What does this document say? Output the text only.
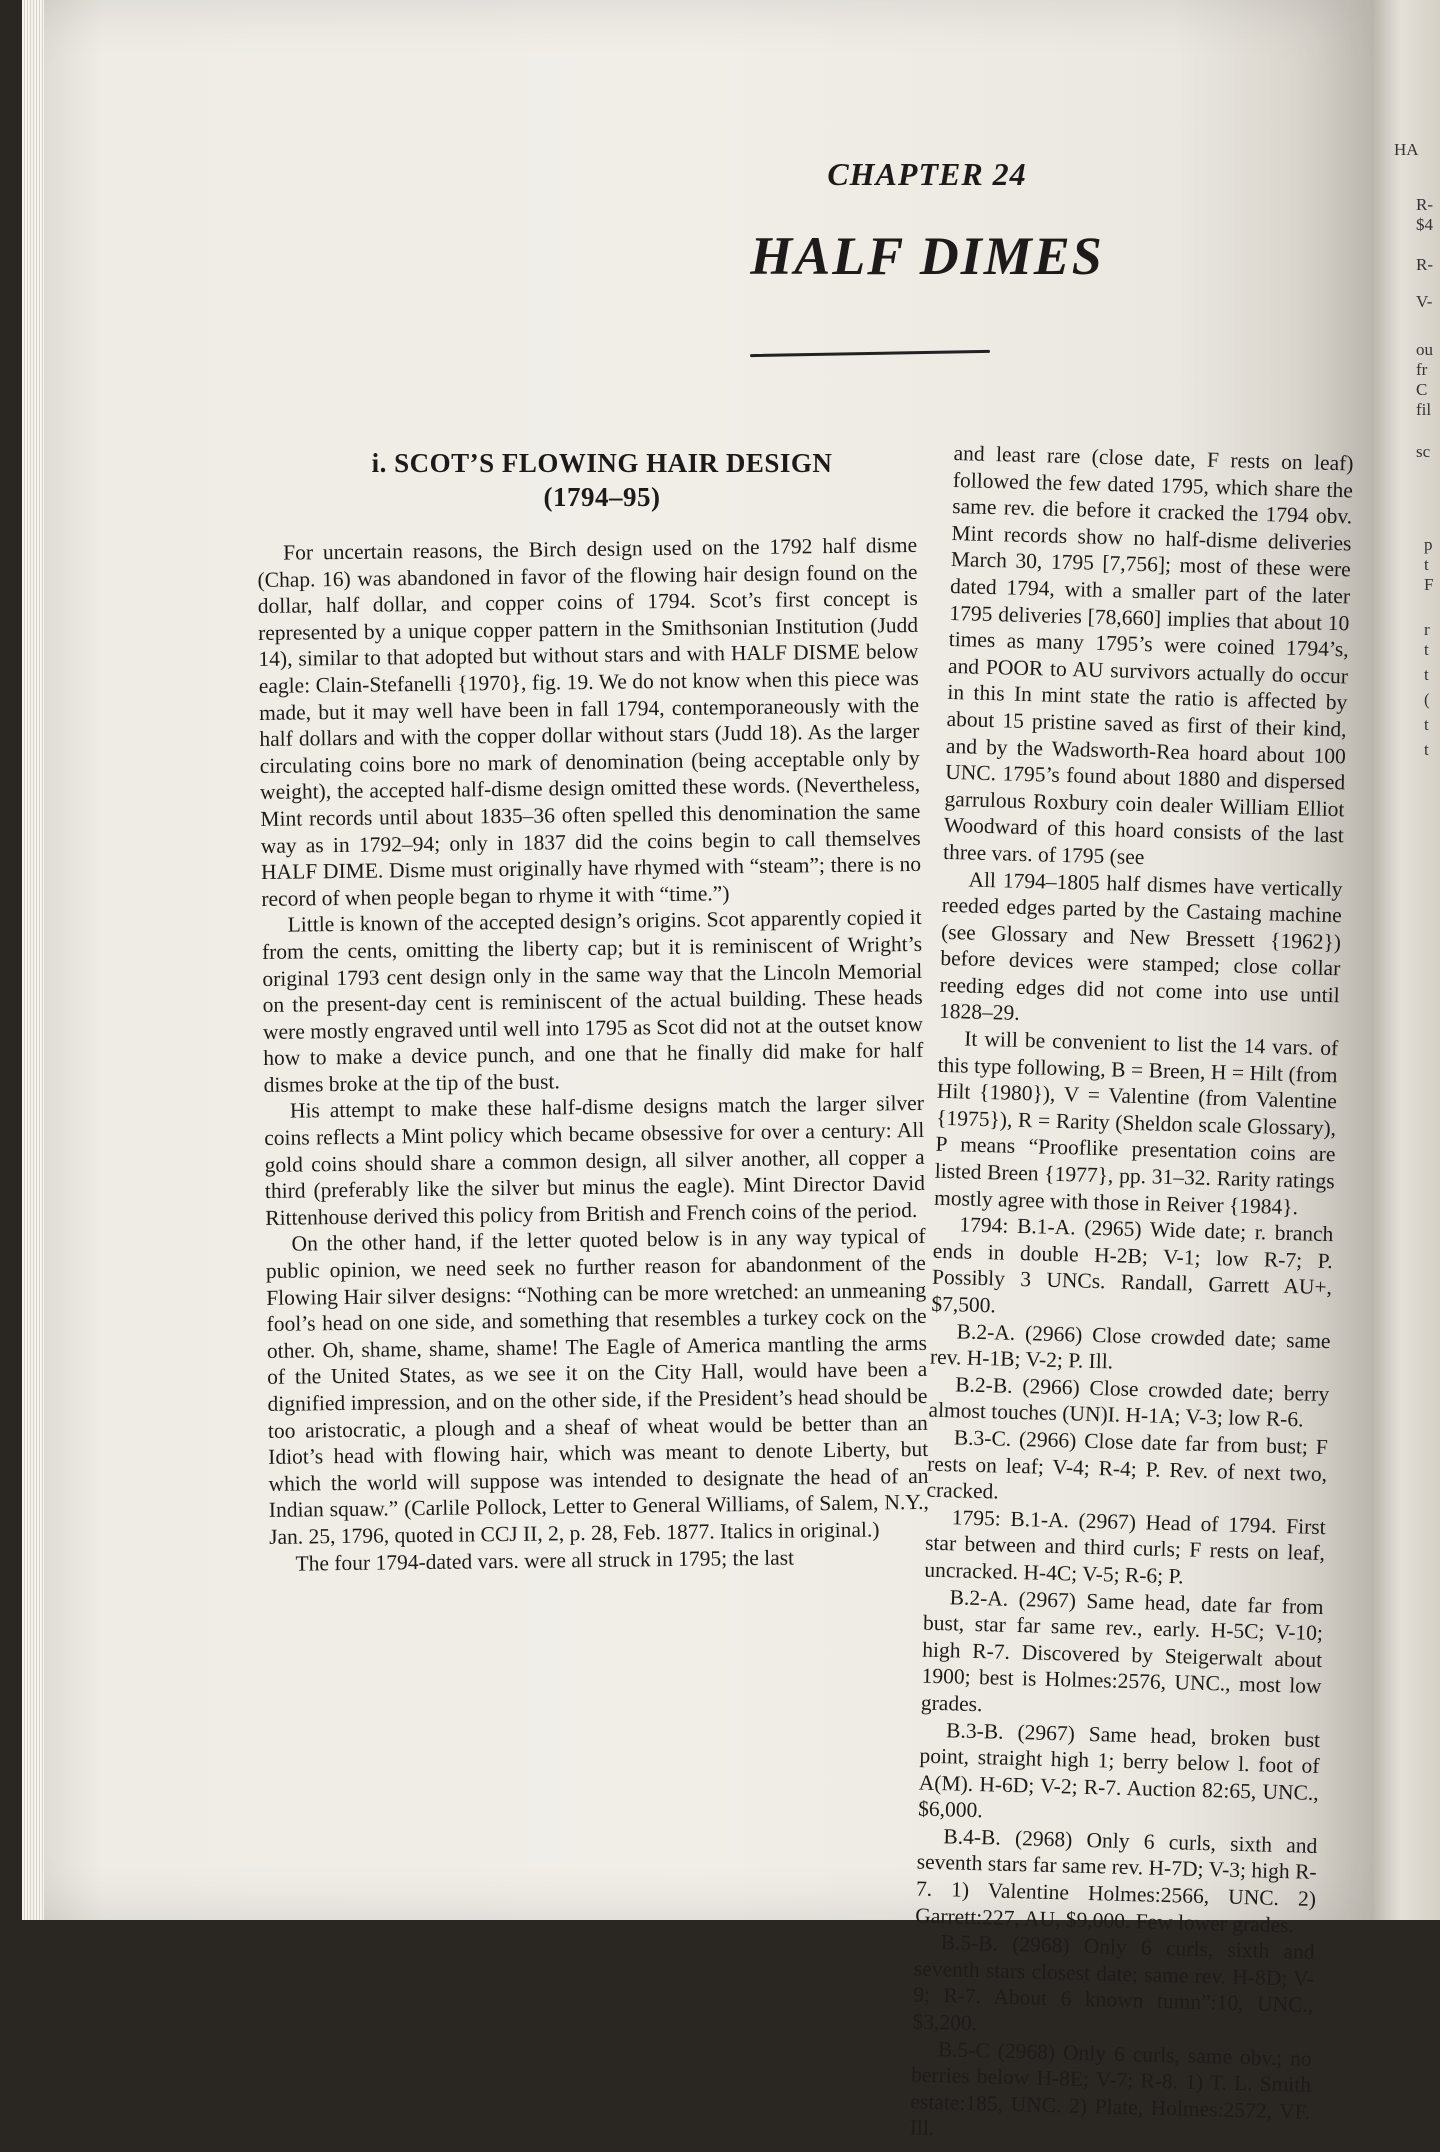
CHAPTER 24
HALF DIMES
i. SCOT’S FLOWING HAIR DESIGN
(1794–95)

For uncertain reasons, the Birch design used on the 1792 half disme (Chap. 16) was abandoned in favor of the flowing hair design found on the dollar, half dollar, and copper coins of 1794. Scot’s first concept is represented by a unique copper pattern in the Smithsonian Institution (Judd 14), similar to that adopted but without stars and with HALF DISME below eagle: Clain-Stefanelli {1970}, fig. 19. We do not know when this piece was made, but it may well have been in fall 1794, contemporaneously with the half dollars and with the copper dollar without stars (Judd 18). As the larger circulating coins bore no mark of denomination (being acceptable only by weight), the accepted half-disme design omitted these words. (Nevertheless, Mint records until about 1835–36 often spelled this denomination the same way as in 1792–94; only in 1837 did the coins begin to call themselves HALF DIME. Disme must originally have rhymed with “steam”; there is no record of when people began to rhyme it with “time.”)

Little is known of the accepted design’s origins. Scot apparently copied it from the cents, omitting the liberty cap; but it is reminiscent of Wright’s original 1793 cent design only in the same way that the Lincoln Memorial on the present-day cent is reminiscent of the actual building. These heads were mostly engraved until well into 1795 as Scot did not at the outset know how to make a device punch, and one that he finally did make for half dismes broke at the tip of the bust.

His attempt to make these half-disme designs match the larger silver coins reflects a Mint policy which became obsessive for over a century: All gold coins should share a common design, all silver another, all copper a third (preferably like the silver but minus the eagle). Mint Director David Rittenhouse derived this policy from British and French coins of the period.

On the other hand, if the letter quoted below is in any way typical of public opinion, we need seek no further reason for abandonment of the Flowing Hair silver designs: “Nothing can be more wretched: an unmeaning fool’s head on one side, and something that resembles a turkey cock on the other. Oh, shame, shame, shame! The Eagle of America mantling the arms of the United States, as we see it on the City Hall, would have been a dignified impression, and on the other side, if the President’s head should be too aristocratic, a plough and a sheaf of wheat would be better than an Idiot’s head with flowing hair, which was meant to denote Liberty, but which the world will suppose was intended to designate the head of an Indian squaw.” (Carlile Pollock, Letter to General Williams, of Salem, N.Y., Jan. 25, 1796, quoted in CCJ II, 2, p. 28, Feb. 1877. Italics in original.)

The four 1794-dated vars. were all struck in 1795; the last

and least rare (close date, F rests on leaf) followed the few dated 1795, which share the same rev. die before it cracked the 1794 obv. Mint records show no half-disme deliveries March 30, 1795 [7,756]; most of these were dated 1794, with a smaller part of the later 1795 deliveries [78,660] implies that about 10 times as many 1795’s were coined 1794’s, and POOR to AU survivors actually do occur in this In mint state the ratio is affected by about 15 pristine saved as first of their kind, and by the Wadsworth-Rea hoard about 100 UNC. 1795’s found about 1880 and dispersed garrulous Roxbury coin dealer William Elliot Woodward of this hoard consists of the last three vars. of 1795 (see

All 1794–1805 half dismes have vertically reeded edges parted by the Castaing machine (see Glossary and New Bressett {1962}) before devices were stamped; close collar reeding edges did not come into use until 1828–29.

It will be convenient to list the 14 vars. of this type following, B = Breen, H = Hilt (from Hilt {1980}), V = Valentine (from Valentine {1975}), R = Rarity (Sheldon scale Glossary), P means “Prooflike presentation coins are listed Breen {1977}, pp. 31–32. Rarity ratings mostly agree with those in Reiver {1984}.

1794: B.1-A. (2965) Wide date; r. branch ends in double H-2B; V-1; low R-7; P. Possibly 3 UNCs. Randall, Garrett AU+, $7,500.

B.2-A. (2966) Close crowded date; same rev. H-1B; V-2; P. Ill.

B.2-B. (2966) Close crowded date; berry almost touches (UN)I. H-1A; V-3; low R-6.

B.3-C. (2966) Close date far from bust; F rests on leaf; V-4; R-4; P. Rev. of next two, cracked.

1795: B.1-A. (2967) Head of 1794. First star between and third curls; F rests on leaf, uncracked. H-4C; V-5; R-6; P.

B.2-A. (2967) Same head, date far from bust, star far same rev., early. H-5C; V-10; high R-7. Discovered by Steigerwalt about 1900; best is Holmes:2576, UNC., most low grades.

B.3-B. (2967) Same head, broken bust point, straight high 1; berry below l. foot of A(M). H-6D; V-2; R-7. Auction 82:65, UNC., $6,000.

B.4-B. (2968) Only 6 curls, sixth and seventh stars far same rev. H-7D; V-3; high R-7. 1) Valentine Holmes:2566, UNC. 2) Garrett:227, AU, $9,000. Few lower grades.

B.5-B. (2968) Only 6 curls, sixth and seventh stars closest date; same rev. H-8D; V-9; R-7. About 6 known tumn”:10, UNC., $3,200.

B.5-C (2968) Only 6 curls, same obv.; no berries below H-8E; V-7; R-8. 1) T. L. Smith estate:185, UNC. 2) Plate, Holmes:2572, VF. Ill.

HA
R-
$4
R-
V-
ou
fr
C
fil
sc
p
t
F
r
t
t
(
t
t
